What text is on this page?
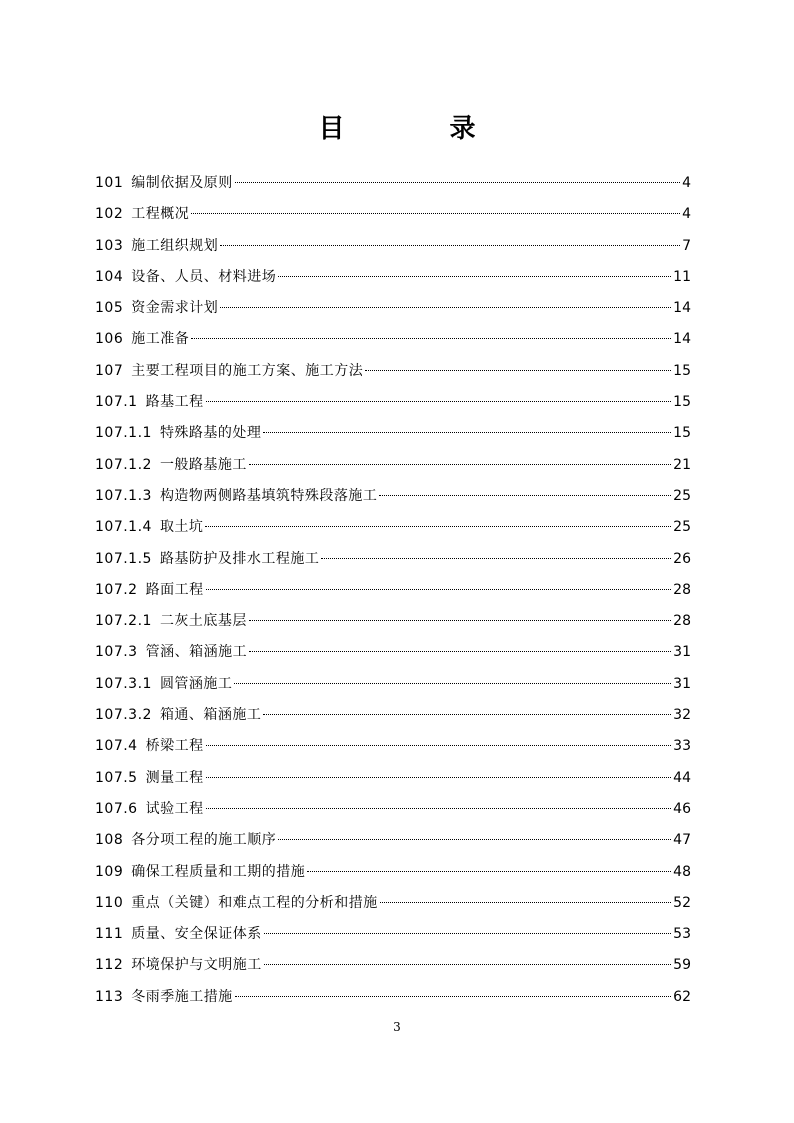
目 录
101 编制依据及原则	4
102 工程概况	4
103 施工组织规划	7
104 设备、人员、材料进场	11
105 资金需求计划	14
106 施工准备	14
107 主要工程项目的施工方案、施工方法	15
107.1 路基工程	15
107.1.1 特殊路基的处理	15
107.1.2 一般路基施工	21
107.1.3 构造物两侧路基填筑特殊段落施工	25
107.1.4 取土坑	25
107.1.5 路基防护及排水工程施工	26
107.2 路面工程	28
107.2.1 二灰土底基层	28
107.3 管涵、箱涵施工	31
107.3.1 圆管涵施工	31
107.3.2 箱通、箱涵施工	32
107.4 桥梁工程	33
107.5 测量工程	44
107.6 试验工程	46
108 各分项工程的施工顺序	47
109 确保工程质量和工期的措施	48
110 重点（关键）和难点工程的分析和措施	52
111 质量、安全保证体系	53
112 环境保护与文明施工	59
113 冬雨季施工措施	62
3
